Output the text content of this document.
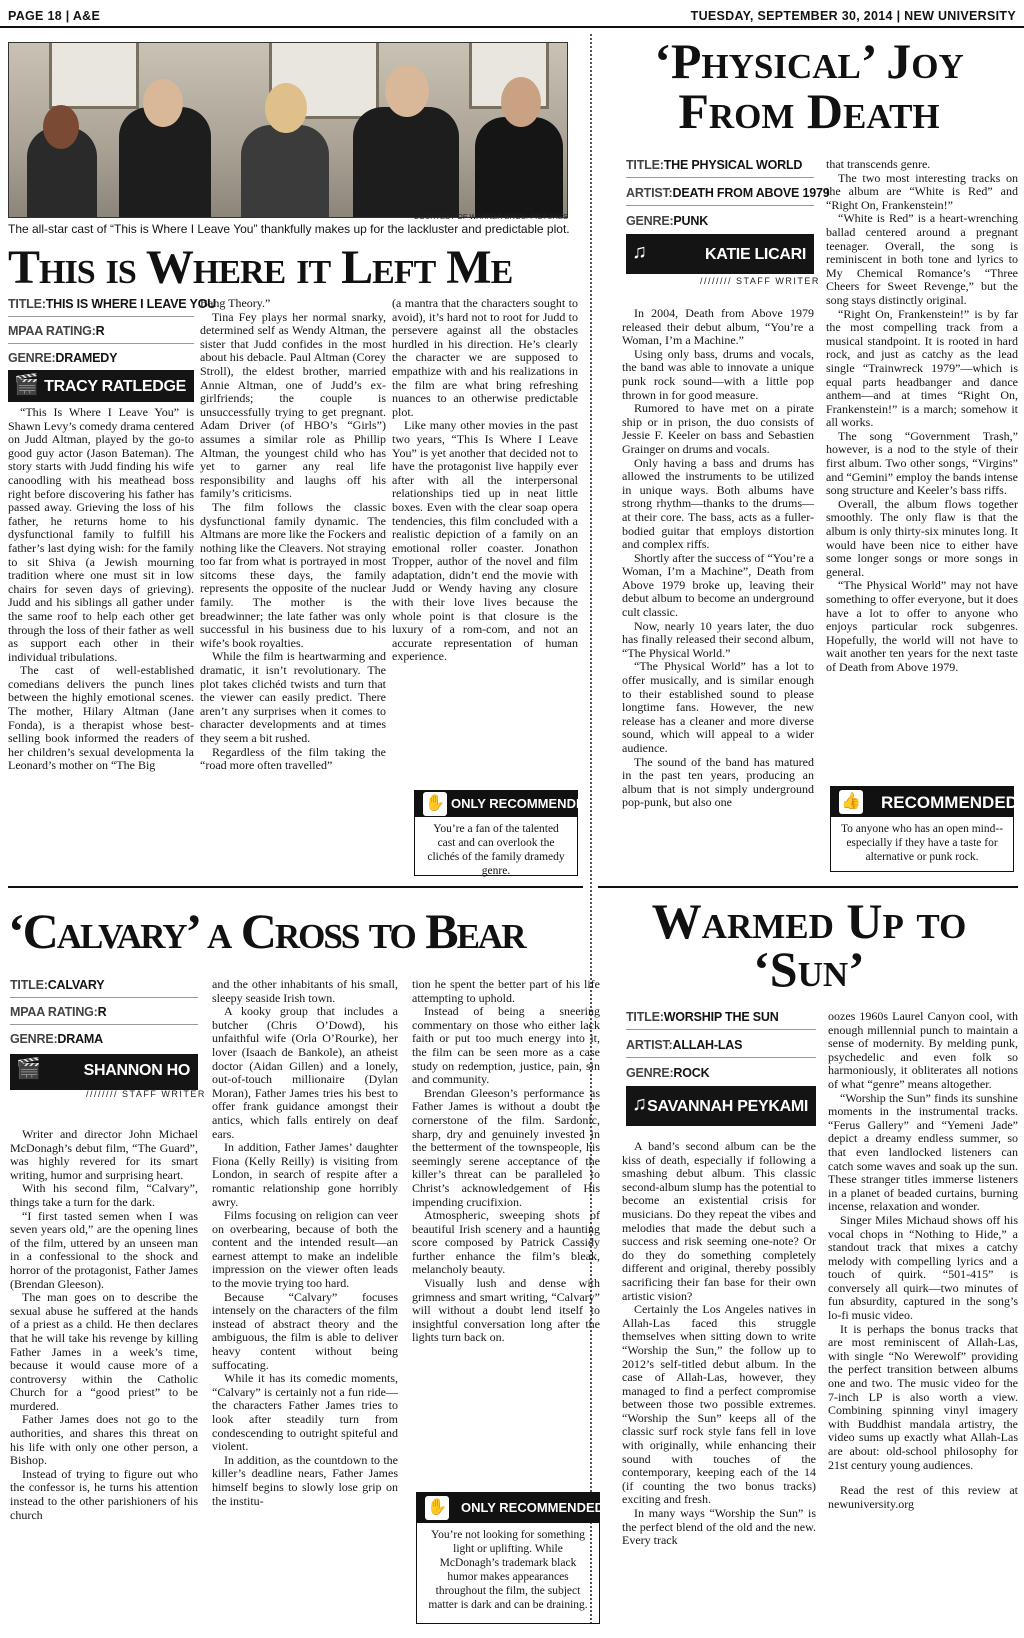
PAGE 18 | A&E	TUESDAY, SEPTEMBER 30, 2014 | NEW UNIVERSITY
COURTESY OF WARNER BROS. PICTURES
The all-star cast of “This is Where I Leave You” thankfully makes up for the lackluster and predictable plot.
This is Where it Left Me
TITLE:THIS IS WHERE I LEAVE YOU
MPAA RATING:R
GENRE:DRAMEDY
🎬 TRACY RATLEDGE

“This Is Where I Leave You” is Shawn Levy’s comedy drama centered on Judd Altman, played by the go-to good guy actor (Jason Bateman). The story starts with Judd finding his wife canoodling with his meathead boss right before discovering his father has passed away. Grieving the loss of his father, he returns home to his dysfunctional family to fulfill his father’s last dying wish: for the family to sit Shiva (a Jewish mourning tradition where one must sit in low chairs for seven days of grieving). Judd and his siblings all gather under the same roof to help each other get through the loss of their father as well as support each other in their individual tribulations.

The cast of well-established comedians delivers the punch lines between the highly emotional scenes. The mother, Hilary Altman (Jane Fonda), is a therapist whose best-selling book informed the readers of her children’s sexual developmenta la Leonard’s mother on “The Big

Bang Theory.”

Tina Fey plays her normal snarky, determined self as Wendy Altman, the sister that Judd confides in the most about his debacle. Paul Altman (Corey Stroll), the eldest brother, married Annie Altman, one of Judd’s ex-girlfriends; the couple is unsuccessfully trying to get pregnant. Adam Driver (of HBO’s “Girls”) assumes a similar role as Phillip Altman, the youngest child who has yet to garner any real life responsibility and laughs off his family’s criticisms.

The film follows the classic dysfunctional family dynamic. The Altmans are more like the Fockers and nothing like the Cleavers. Not straying too far from what is portrayed in most sitcoms these days, the family represents the opposite of the nuclear family. The mother is the breadwinner; the late father was only successful in his business due to his wife’s book royalties.

While the film is heartwarming and dramatic, it isn’t revolutionary. The plot takes clichéd twists and turn that the viewer can easily predict. There aren’t any surprises when it comes to character developments and at times they seem a bit rushed.

Regardless of the film taking the “road more often travelled”

(a mantra that the characters sought to avoid), it’s hard not to root for Judd to persevere against all the obstacles hurdled in his direction. He’s clearly the character we are supposed to empathize with and his realizations in the film are what bring refreshing nuances to an otherwise predictable plot.

Like many other movies in the past two years, “This Is Where I Leave You” is yet another that decided not to have the protagonist live happily ever after with all the interpersonal relationships tied up in neat little boxes. Even with the clear soap opera tendencies, this film concluded with a realistic depiction of a family on an emotional roller coaster. Jonathon Tropper, author of the novel and film adaptation, didn’t end the movie with Judd or Wendy having any closure with their love lives because the whole point is that closure is the luxury of a rom-com, and not an accurate representation of human experience.

✋ ONLY RECOMMENDED IF
You’re a fan of the talented cast and can overlook the clichés of the family dramedy genre.
‘Physical’ Joy From Death
TITLE:THE PHYSICAL WORLD
ARTIST:DEATH FROM ABOVE 1979
GENRE:PUNK
♫	KATIE LICARI
//////// STAFF WRITER

In 2004, Death from Above 1979 released their debut album, “You’re a Woman, I’m a Machine.”

Using only bass, drums and vocals, the band was able to innovate a unique punk rock sound—with a little pop thrown in for good measure.

Rumored to have met on a pirate ship or in prison, the duo consists of Jessie F. Keeler on bass and Sebastien Grainger on drums and vocals.

Only having a bass and drums has allowed the instruments to be utilized in unique ways. Both albums have strong rhythm—thanks to the drums—at their core. The bass, acts as a fuller-bodied guitar that employs distortion and complex riffs.

Shortly after the success of “You’re a Woman, I’m a Machine”, Death from Above 1979 broke up, leaving their debut album to become an underground cult classic.

Now, nearly 10 years later, the duo has finally released their second album, “The Physical World.”

“The Physical World” has a lot to offer musically, and is similar enough to their established sound to please longtime fans. However, the new release has a cleaner and more diverse sound, which will appeal to a wider audience.

The sound of the band has matured in the past ten years, producing an album that is not simply underground pop-punk, but also one

that transcends genre.

The two most interesting tracks on the album are “White is Red” and “Right On, Frankenstein!”

“White is Red” is a heart-wrenching ballad centered around a pregnant teenager. Overall, the song is reminiscent in both tone and lyrics to My Chemical Romance’s “Three Cheers for Sweet Revenge,” but the song stays distinctly original.

“Right On, Frankenstein!” is by far the most compelling track from a musical standpoint. It is rooted in hard rock, and just as catchy as the lead single “Trainwreck 1979”—which is equal parts headbanger and dance anthem—and at times “Right On, Frankenstein!” is a march; somehow it all works.

The song “Government Trash,” however, is a nod to the style of their first album. Two other songs, “Virgins” and “Gemini” employ the bands intense song structure and Keeler’s bass riffs.

Overall, the album flows together smoothly. The only flaw is that the album is only thirty-six minutes long. It would have been nice to either have some longer songs or more songs in general.

“The Physical World” may not have something to offer everyone, but it does have a lot to offer to anyone who enjoys particular rock subgenres. Hopefully, the world will not have to wait another ten years for the next taste of Death from Above 1979.

👍 RECOMMENDED
To anyone who has an open mind--especially if they have a taste for alternative or punk rock.
‘Calvary’ a Cross to Bear
TITLE:CALVARY
MPAA RATING:R
GENRE:DRAMA
🎬	SHANNON HO
//////// STAFF WRITER

Writer and director John Michael McDonagh’s debut film, “The Guard”, was highly revered for its smart writing, humor and surprising heart.

With his second film, “Calvary”, things take a turn for the dark.

“I first tasted semen when I was seven years old,” are the opening lines of the film, uttered by an unseen man in a confessional to the shock and horror of the protagonist, Father James (Brendan Gleeson).

The man goes on to describe the sexual abuse he suffered at the hands of a priest as a child. He then declares that he will take his revenge by killing Father James in a week’s time, because it would cause more of a controversy within the Catholic Church for a “good priest” to be murdered.

Father James does not go to the authorities, and shares this threat on his life with only one other person, a Bishop.

Instead of trying to figure out who the confessor is, he turns his attention instead to the other parishioners of his church

and the other inhabitants of his small, sleepy seaside Irish town.

A kooky group that includes a butcher (Chris O’Dowd), his unfaithful wife (Orla O’Rourke), her lover (Isaach de Bankole), an atheist doctor (Aidan Gillen) and a lonely, out-of-touch millionaire (Dylan Moran), Father James tries his best to offer frank guidance amongst their antics, which falls entirely on deaf ears.

In addition, Father James’ daughter Fiona (Kelly Reilly) is visiting from London, in search of respite after a romantic relationship gone horribly awry.

Films focusing on religion can veer on overbearing, because of both the content and the intended result—an earnest attempt to make an indelible impression on the viewer often leads to the movie trying too hard.

Because “Calvary” focuses intensely on the characters of the film instead of abstract theory and the ambiguous, the film is able to deliver heavy content without being suffocating.

While it has its comedic moments, “Calvary” is certainly not a fun ride—the characters Father James tries to look after steadily turn from condescending to outright spiteful and violent.

In addition, as the countdown to the killer’s deadline nears, Father James himself begins to slowly lose grip on the institu-

tion he spent the better part of his life attempting to uphold.

Instead of being a sneering commentary on those who either lack faith or put too much energy into it, the film can be seen more as a case study on redemption, justice, pain, sin and community.

Brendan Gleeson’s performance as Father James is without a doubt the cornerstone of the film. Sardonic, sharp, dry and genuinely invested in the betterment of the townspeople, his seemingly serene acceptance of the killer’s threat can be paralleled to Christ’s acknowledgement of His impending crucifixion.

Atmospheric, sweeping shots of beautiful Irish scenery and a haunting score composed by Patrick Cassidy further enhance the film’s bleak, melancholy beauty.

Visually lush and dense with grimness and smart writing, “Calvary” will without a doubt lend itself to insightful conversation long after the lights turn back on.

✋ ONLY RECOMMENDED IF
You’re not looking for something light or uplifting. While McDonagh’s trademark black humor makes appearances throughout the film, the subject matter is dark and can be draining.
Warmed Up to
‘Sun’
TITLE:WORSHIP THE SUN
ARTIST:ALLAH-LAS
GENRE:ROCK
♫ SAVANNAH PEYKAMI

A band’s second album can be the kiss of death, especially if following a smashing debut album. This classic second-album slump has the potential to become an existential crisis for musicians. Do they repeat the vibes and melodies that made the debut such a success and risk seeming one-note? Or do they do something completely different and original, thereby possibly sacrificing their fan base for their own artistic vision?

Certainly the Los Angeles natives in Allah-Las faced this struggle themselves when sitting down to write “Worship the Sun,” the follow up to 2012’s self-titled debut album. In the case of Allah-Las, however, they managed to find a perfect compromise between those two possible extremes. “Worship the Sun” keeps all of the classic surf rock style fans fell in love with originally, while enhancing their sound with touches of the contemporary, keeping each of the 14 (if counting the two bonus tracks) exciting and fresh.

In many ways “Worship the Sun” is the perfect blend of the old and the new. Every track

oozes 1960s Laurel Canyon cool, with enough millennial punch to maintain a sense of modernity. By melding punk, psychedelic and even folk so harmoniously, it obliterates all notions of what “genre” means altogether.

“Worship the Sun” finds its sunshine moments in the instrumental tracks. “Ferus Gallery” and “Yemeni Jade” depict a dreamy endless summer, so that even landlocked listeners can catch some waves and soak up the sun. These stranger titles immerse listeners in a planet of beaded curtains, burning incense, relaxation and wonder.

Singer Miles Michaud shows off his vocal chops in “Nothing to Hide,” a standout track that mixes a catchy melody with compelling lyrics and a touch of quirk. “501-415” is conversely all quirk—two minutes of fun absurdity, captured in the song’s lo-fi music video.

It is perhaps the bonus tracks that are most reminiscent of Allah-Las, with single “No Werewolf” providing the perfect transition between albums one and two. The music video for the 7-inch LP is also worth a view. Combining spinning vinyl imagery with Buddhist mandala artistry, the video sums up exactly what Allah-Las are about: old-school philosophy for 21st century young audiences.

Read the rest of this review at newuniversity.org
